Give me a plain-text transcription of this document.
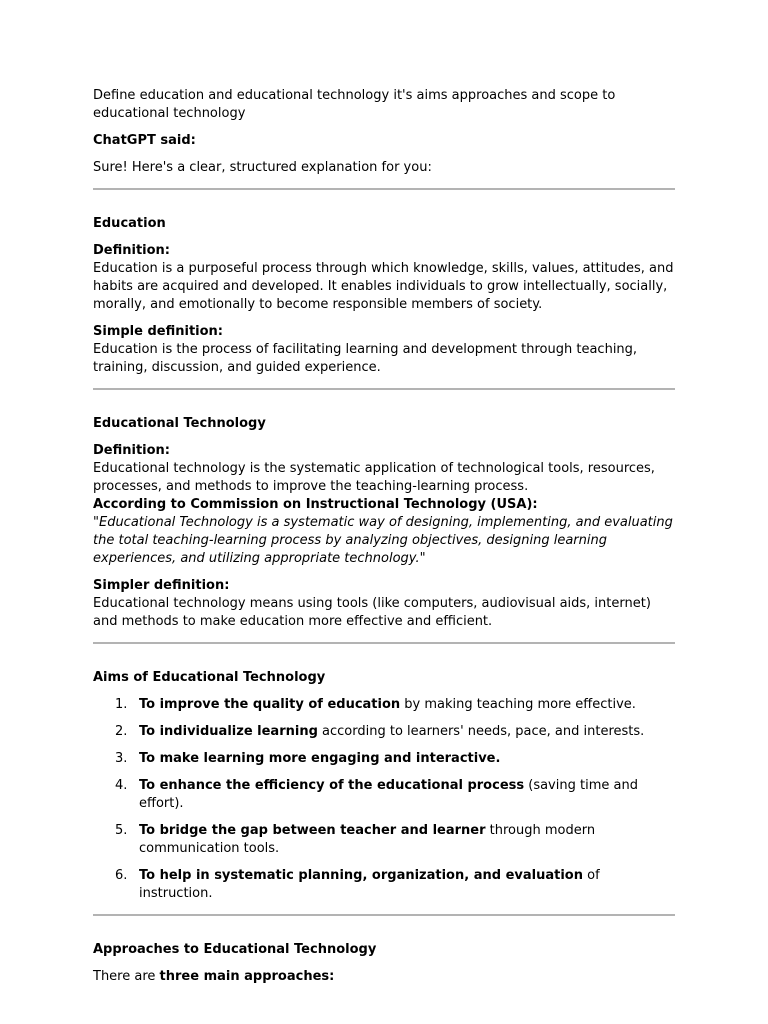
Define education and educational technology it's aims approaches and scope to educational technology

ChatGPT said:

Sure! Here's a clear, structured explanation for you:

Education

Definition:

Education is a purposeful process through which knowledge, skills, values, attitudes, and habits are acquired and developed. It enables individuals to grow intellectually, socially, morally, and emotionally to become responsible members of society.

Simple definition:

Education is the process of facilitating learning and development through teaching, training, discussion, and guided experience.

Educational Technology

Definition:

Educational technology is the systematic application of technological tools, resources, processes, and methods to improve the teaching-learning process.

According to Commission on Instructional Technology (USA):

"Educational Technology is a systematic way of designing, implementing, and evaluating the total teaching-learning process by analyzing objectives, designing learning experiences, and utilizing appropriate technology."

Simpler definition:

Educational technology means using tools (like computers, audiovisual aids, internet) and methods to make education more effective and efficient.

Aims of Educational Technology

1. To improve the quality of education by making teaching more effective.
2. To individualize learning according to learners' needs, pace, and interests.
3. To make learning more engaging and interactive.
4. To enhance the efficiency of the educational process (saving time and effort).
5. To bridge the gap between teacher and learner through modern communication tools.
6. To help in systematic planning, organization, and evaluation of instruction.

Approaches to Educational Technology

There are three main approaches:
